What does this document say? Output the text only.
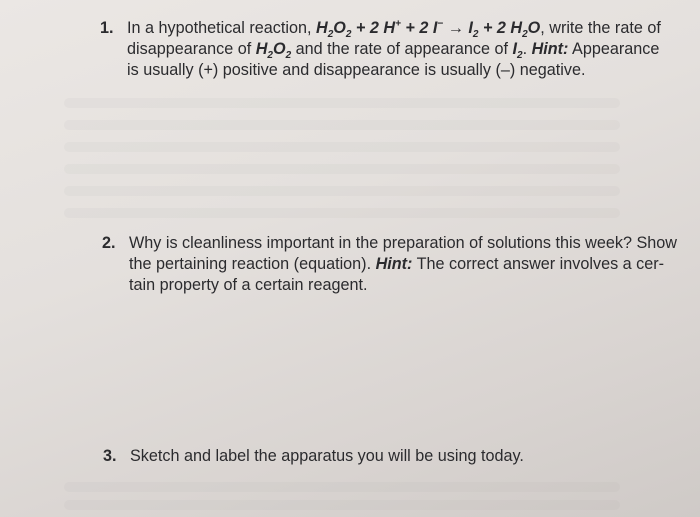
1. In a hypothetical reaction, $H_2O_2 + 2$ H+ + 2 $I^- \to I_2 + 2$ $H_2O$, write the rate of
disappearance of $H_2O_2$ and the rate of appearance of $I_2$. Hint: Appearance
is usually (+) positive and disappearance is usually (–) negative.
2. Why is cleanliness important in the preparation of solutions this week? Show
the pertaining reaction (equation). Hint: The correct answer involves a cer-
tain property of a certain reagent.
3. Sketch and label the apparatus you will be using today.
